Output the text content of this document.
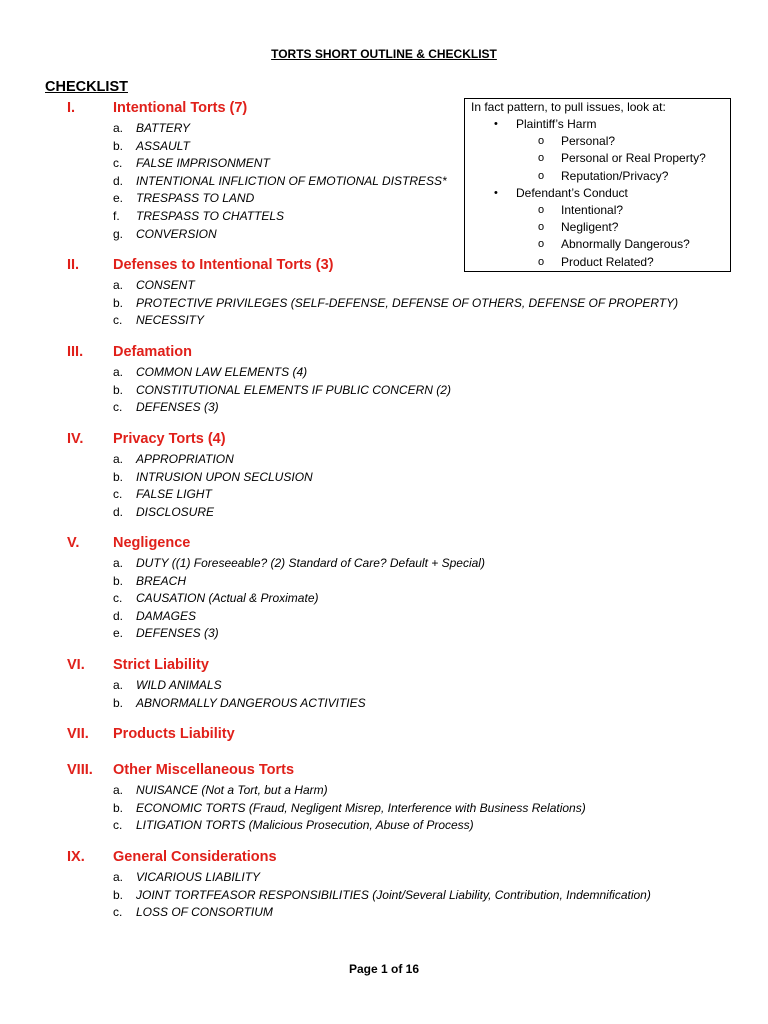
TORTS SHORT OUTLINE & CHECKLIST
CHECKLIST
I.	Intentional Torts (7)
a. BATTERY
b. ASSAULT
c. FALSE IMPRISONMENT
d. INTENTIONAL INFLICTION OF EMOTIONAL DISTRESS*
e. TRESPASS TO LAND
f. TRESPASS TO CHATTELS
g. CONVERSION
II. Defenses to Intentional Torts (3)
a. CONSENT
b. PROTECTIVE PRIVILEGES (SELF-DEFENSE, DEFENSE OF OTHERS, DEFENSE OF PROPERTY)
c. NECESSITY
III. Defamation
a. COMMON LAW ELEMENTS (4)
b. CONSTITUTIONAL ELEMENTS IF PUBLIC CONCERN (2)
c. DEFENSES (3)
IV. Privacy Torts (4)
a. APPROPRIATION
b. INTRUSION UPON SECLUSION
c. FALSE LIGHT
d. DISCLOSURE
V. Negligence
a. DUTY ((1) Foreseeable? (2) Standard of Care? Default + Special)
b. BREACH
c. CAUSATION (Actual & Proximate)
d. DAMAGES
e. DEFENSES (3)
VI. Strict Liability
a. WILD ANIMALS
b. ABNORMALLY DANGEROUS ACTIVITIES
VII. Products Liability
VIII. Other Miscellaneous Torts
a. NUISANCE (Not a Tort, but a Harm)
b. ECONOMIC TORTS (Fraud, Negligent Misrep, Interference with Business Relations)
c. LITIGATION TORTS (Malicious Prosecution, Abuse of Process)
IX. General Considerations
a. VICARIOUS LIABILITY
b. JOINT TORTFEASOR RESPONSIBILITIES (Joint/Several Liability, Contribution, Indemnification)
c. LOSS OF CONSORTIUM
In fact pattern, to pull issues, look at:
• Plaintiff’s Harm
o Personal?
o Personal or Real Property?
o Reputation/Privacy?
• Defendant’s Conduct
o Intentional?
o Negligent?
o Abnormally Dangerous?
o Product Related?
Page 1 of 16
